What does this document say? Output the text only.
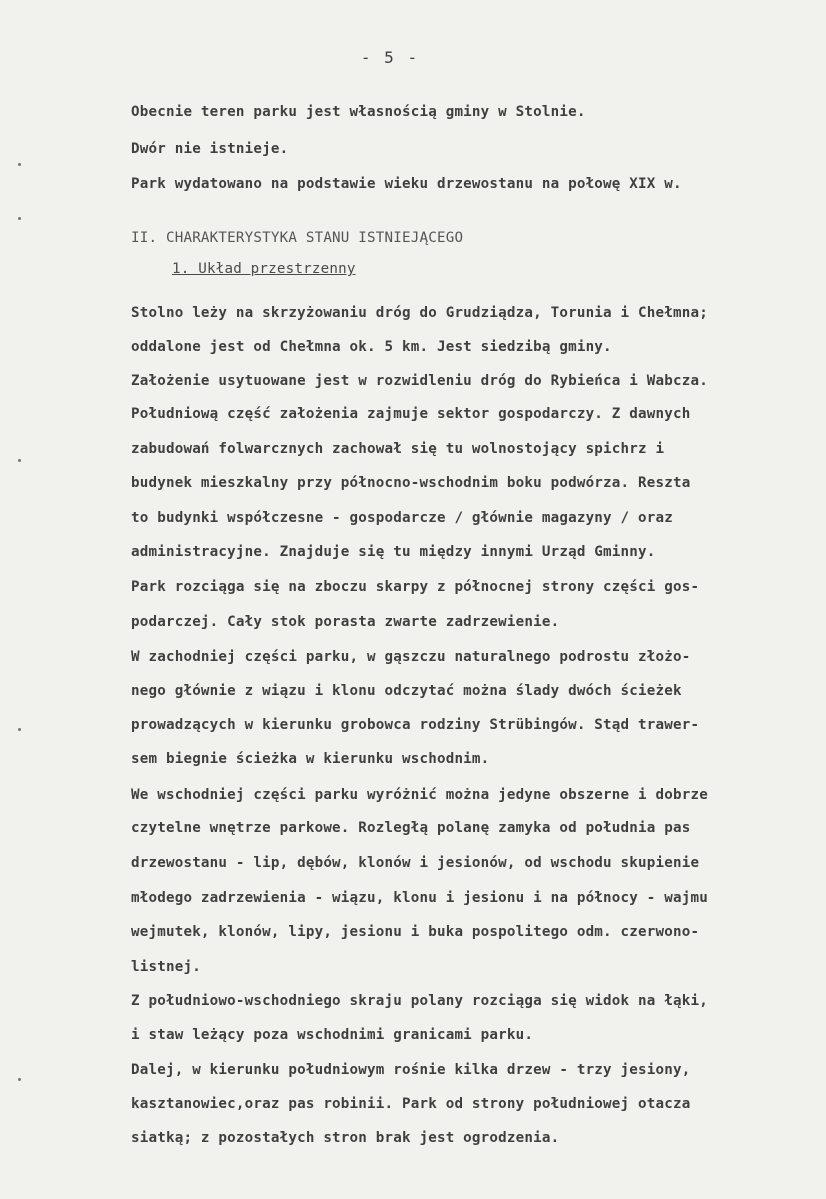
- 5 -
Obecnie teren parku jest własnością gminy w Stolnie.
Dwór nie istnieje.
Park wydatowano na podstawie wieku drzewostanu na połowę XIX w.
II. CHARAKTERYSTYKA STANU ISTNIEJĄCEGO
1. Układ przestrzenny
Stolno leży na skrzyżowaniu dróg do Grudziądza, Torunia i Chełmna;
oddalone jest od Chełmna ok. 5 km. Jest siedzibą gminy.
Założenie usytuowane jest w rozwidleniu dróg do Rybieńca i Wabcza.
Południową część założenia zajmuje sektor gospodarczy. Z dawnych
zabudowań folwarcznych zachował się tu wolnostojący spichrz i
budynek mieszkalny przy północno-wschodnim boku podwórza. Reszta
to budynki współczesne - gospodarcze / głównie magazyny / oraz
administracyjne. Znajduje się tu między innymi Urząd Gminny.
Park rozciąga się na zboczu skarpy z północnej strony części gos-
podarczej. Cały stok porasta zwarte zadrzewienie.
W zachodniej części parku, w gąszczu naturalnego podrostu złożo-
nego głównie z wiązu i klonu odczytać można ślady dwóch ścieżek
prowadzących w kierunku grobowca rodziny Strübingów. Stąd trawer-
sem biegnie ścieżka w kierunku wschodnim.
We wschodniej części parku wyróżnić można jedyne obszerne i dobrze
czytelne wnętrze parkowe. Rozległą polanę zamyka od południa pas
drzewostanu - lip, dębów, klonów i jesionów, od wschodu skupienie
młodego zadrzewienia - wiązu, klonu i jesionu i na północy - wajmu
wejmutek, klonów, lipy, jesionu i buka pospolitego odm. czerwono-
listnej.
Z południowo-wschodniego skraju polany rozciąga się widok na łąki,
i staw leżący poza wschodnimi granicami parku.
Dalej, w kierunku południowym rośnie kilka drzew - trzy jesiony,
kasztanowiec,oraz pas robinii. Park od strony południowej otacza
siatką; z pozostałych stron brak jest ogrodzenia.
